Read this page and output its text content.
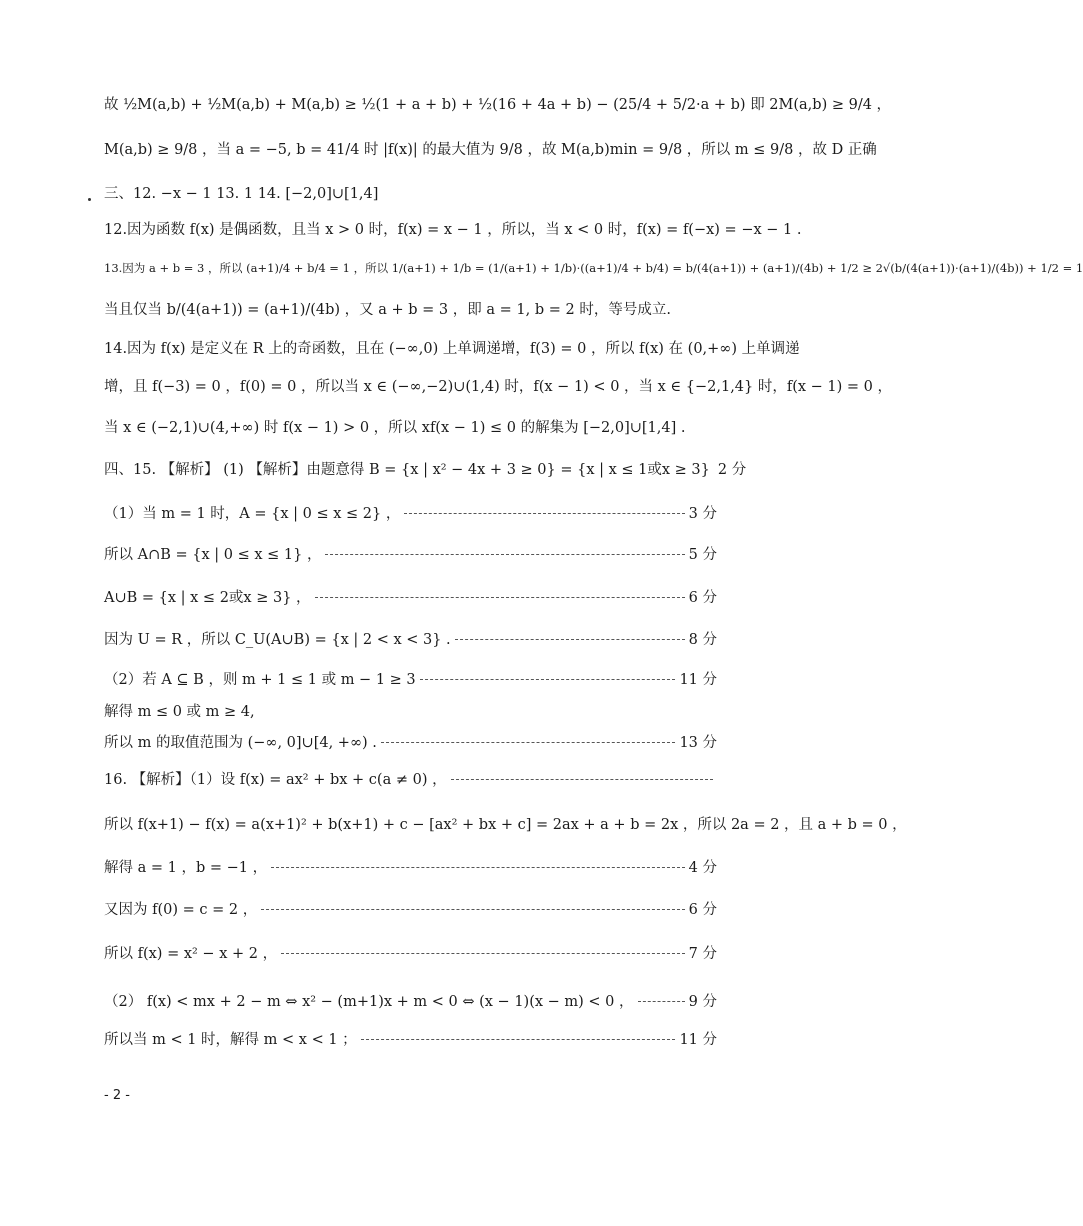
故 ½M(a,b) + ½M(a,b) + M(a,b) ≥ ½(1 + a + b) + ½(16 + 4a + b) − (25/4 + 5/2·a + b) 即 2M(a,b) ≥ 9/4 ，
M(a,b) ≥ 9/8 ，当 a = −5, b = 41/4 时 |f(x)| 的最大值为 9/8 ，故 M(a,b)min = 9/8 ，所以 m ≤ 9/8 ，故 D 正确
三、12. −x − 1 13. 1 14. [−2,0]∪[1,4]
12.因为函数 f(x) 是偶函数，且当 x > 0 时，f(x) = x − 1 ，所以，当 x < 0 时，f(x) = f(−x) = −x − 1 .
13.因为 a + b = 3 ，所以 (a+1)/4 + b/4 = 1 ，所以 1/(a+1) + 1/b = (1/(a+1) + 1/b)·((a+1)/4 + b/4) = b/(4(a+1)) + (a+1)/(4b) + 1/2 ≥ 2√(b/(4(a+1))·(a+1)/(4b)) + 1/2 = 1
当且仅当 b/(4(a+1)) = (a+1)/(4b) ，又 a + b = 3 ，即 a = 1, b = 2 时，等号成立.
14.因为 f(x) 是定义在 R 上的奇函数，且在 (−∞,0) 上单调递增，f(3) = 0 ，所以 f(x) 在 (0,+∞) 上单调递
增，且 f(−3) = 0 ，f(0) = 0 ，所以当 x ∈ (−∞,−2)∪(1,4) 时，f(x − 1) < 0 ，当 x ∈ {−2,1,4} 时，f(x − 1) = 0 ，
当 x ∈ (−2,1)∪(4,+∞) 时 f(x − 1) > 0 ，所以 xf(x − 1) ≤ 0 的解集为 [−2,0]∪[1,4] .
四、15. 【解析】 (1) 【解析】由题意得 B = {x | x² − 4x + 3 ≥ 0} = {x | x ≤ 1或x ≥ 3} 2 分
（1）当 m = 1 时，A = {x | 0 ≤ x ≤ 2} ，	3 分
所以 A∩B = {x | 0 ≤ x ≤ 1} ，	5 分
A∪B = {x | x ≤ 2或x ≥ 3} ，	6 分
因为 U = R ，所以 C_U(A∪B) = {x | 2 < x < 3} .	8 分
（2）若 A ⊆ B ，则 m + 1 ≤ 1 或 m − 1 ≥ 3	11 分
解得 m ≤ 0 或 m ≥ 4,
所以 m 的取值范围为 (−∞, 0]∪[4, +∞) .	13 分
16. 【解析】（1）设 f(x) = ax² + bx + c(a ≠ 0) ，
所以 f(x+1) − f(x) = a(x+1)² + b(x+1) + c − [ax² + bx + c] = 2ax + a + b = 2x ，所以 2a = 2 ，且 a + b = 0 ，
解得 a = 1 ，b = −1 ，	4 分
又因为 f(0) = c = 2 ，	6 分
所以 f(x) = x² − x + 2 ，	7 分
（2） f(x) < mx + 2 − m ⇔ x² − (m+1)x + m < 0 ⇔ (x − 1)(x − m) < 0 ，	9 分
所以当 m < 1 时，解得 m < x < 1 ；	11 分
- 2 -
